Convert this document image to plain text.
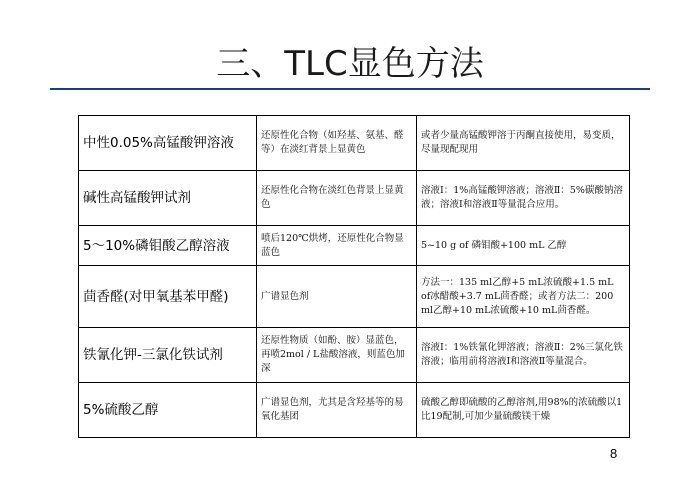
三、TLC显色方法
中性0.05%高锰酸钾溶液	还原性化合物（如羟基、氨基、醛等）在淡红背景上显黄色	或者少量高锰酸钾溶于丙酮直接使用，易变质，尽量现配现用
碱性高锰酸钾试剂	还原性化合物在淡红色背景上显黄色	溶液Ⅰ：1%高锰酸钾溶液；溶液Ⅱ：5%碳酸钠溶液；溶液Ⅰ和溶液Ⅱ等量混合应用。
5～10%磷钼酸乙醇溶液	喷后120℃烘烤，还原性化合物显蓝色	5~10 g of 磷钼酸+100 mL 乙醇
茴香醛(对甲氧基苯甲醛)	广谱显色剂	方法一：135 ml乙醇+5 mL浓硫酸+1.5 mL of冰醋酸+3.7 mL茴香醛；或者方法二：200 ml乙醇+10 mL浓硫酸+10 mL茴香醛。
铁氰化钾-三氯化铁试剂	还原性物质（如酚、胺）显蓝色，再喷2mol / L盐酸溶液，则蓝色加深	溶液Ⅰ：1%铁氰化钾溶液；溶液Ⅱ：2%三氯化铁溶液；临用前将溶液Ⅰ和溶液Ⅱ等量混合。
5%硫酸乙醇	广谱显色剂，尤其是含羟基等的易氧化基团	硫酸乙醇即硫酸的乙醇溶剂,用98%的浓硫酸以1比19配制,可加少量硫酸镁干燥
8
